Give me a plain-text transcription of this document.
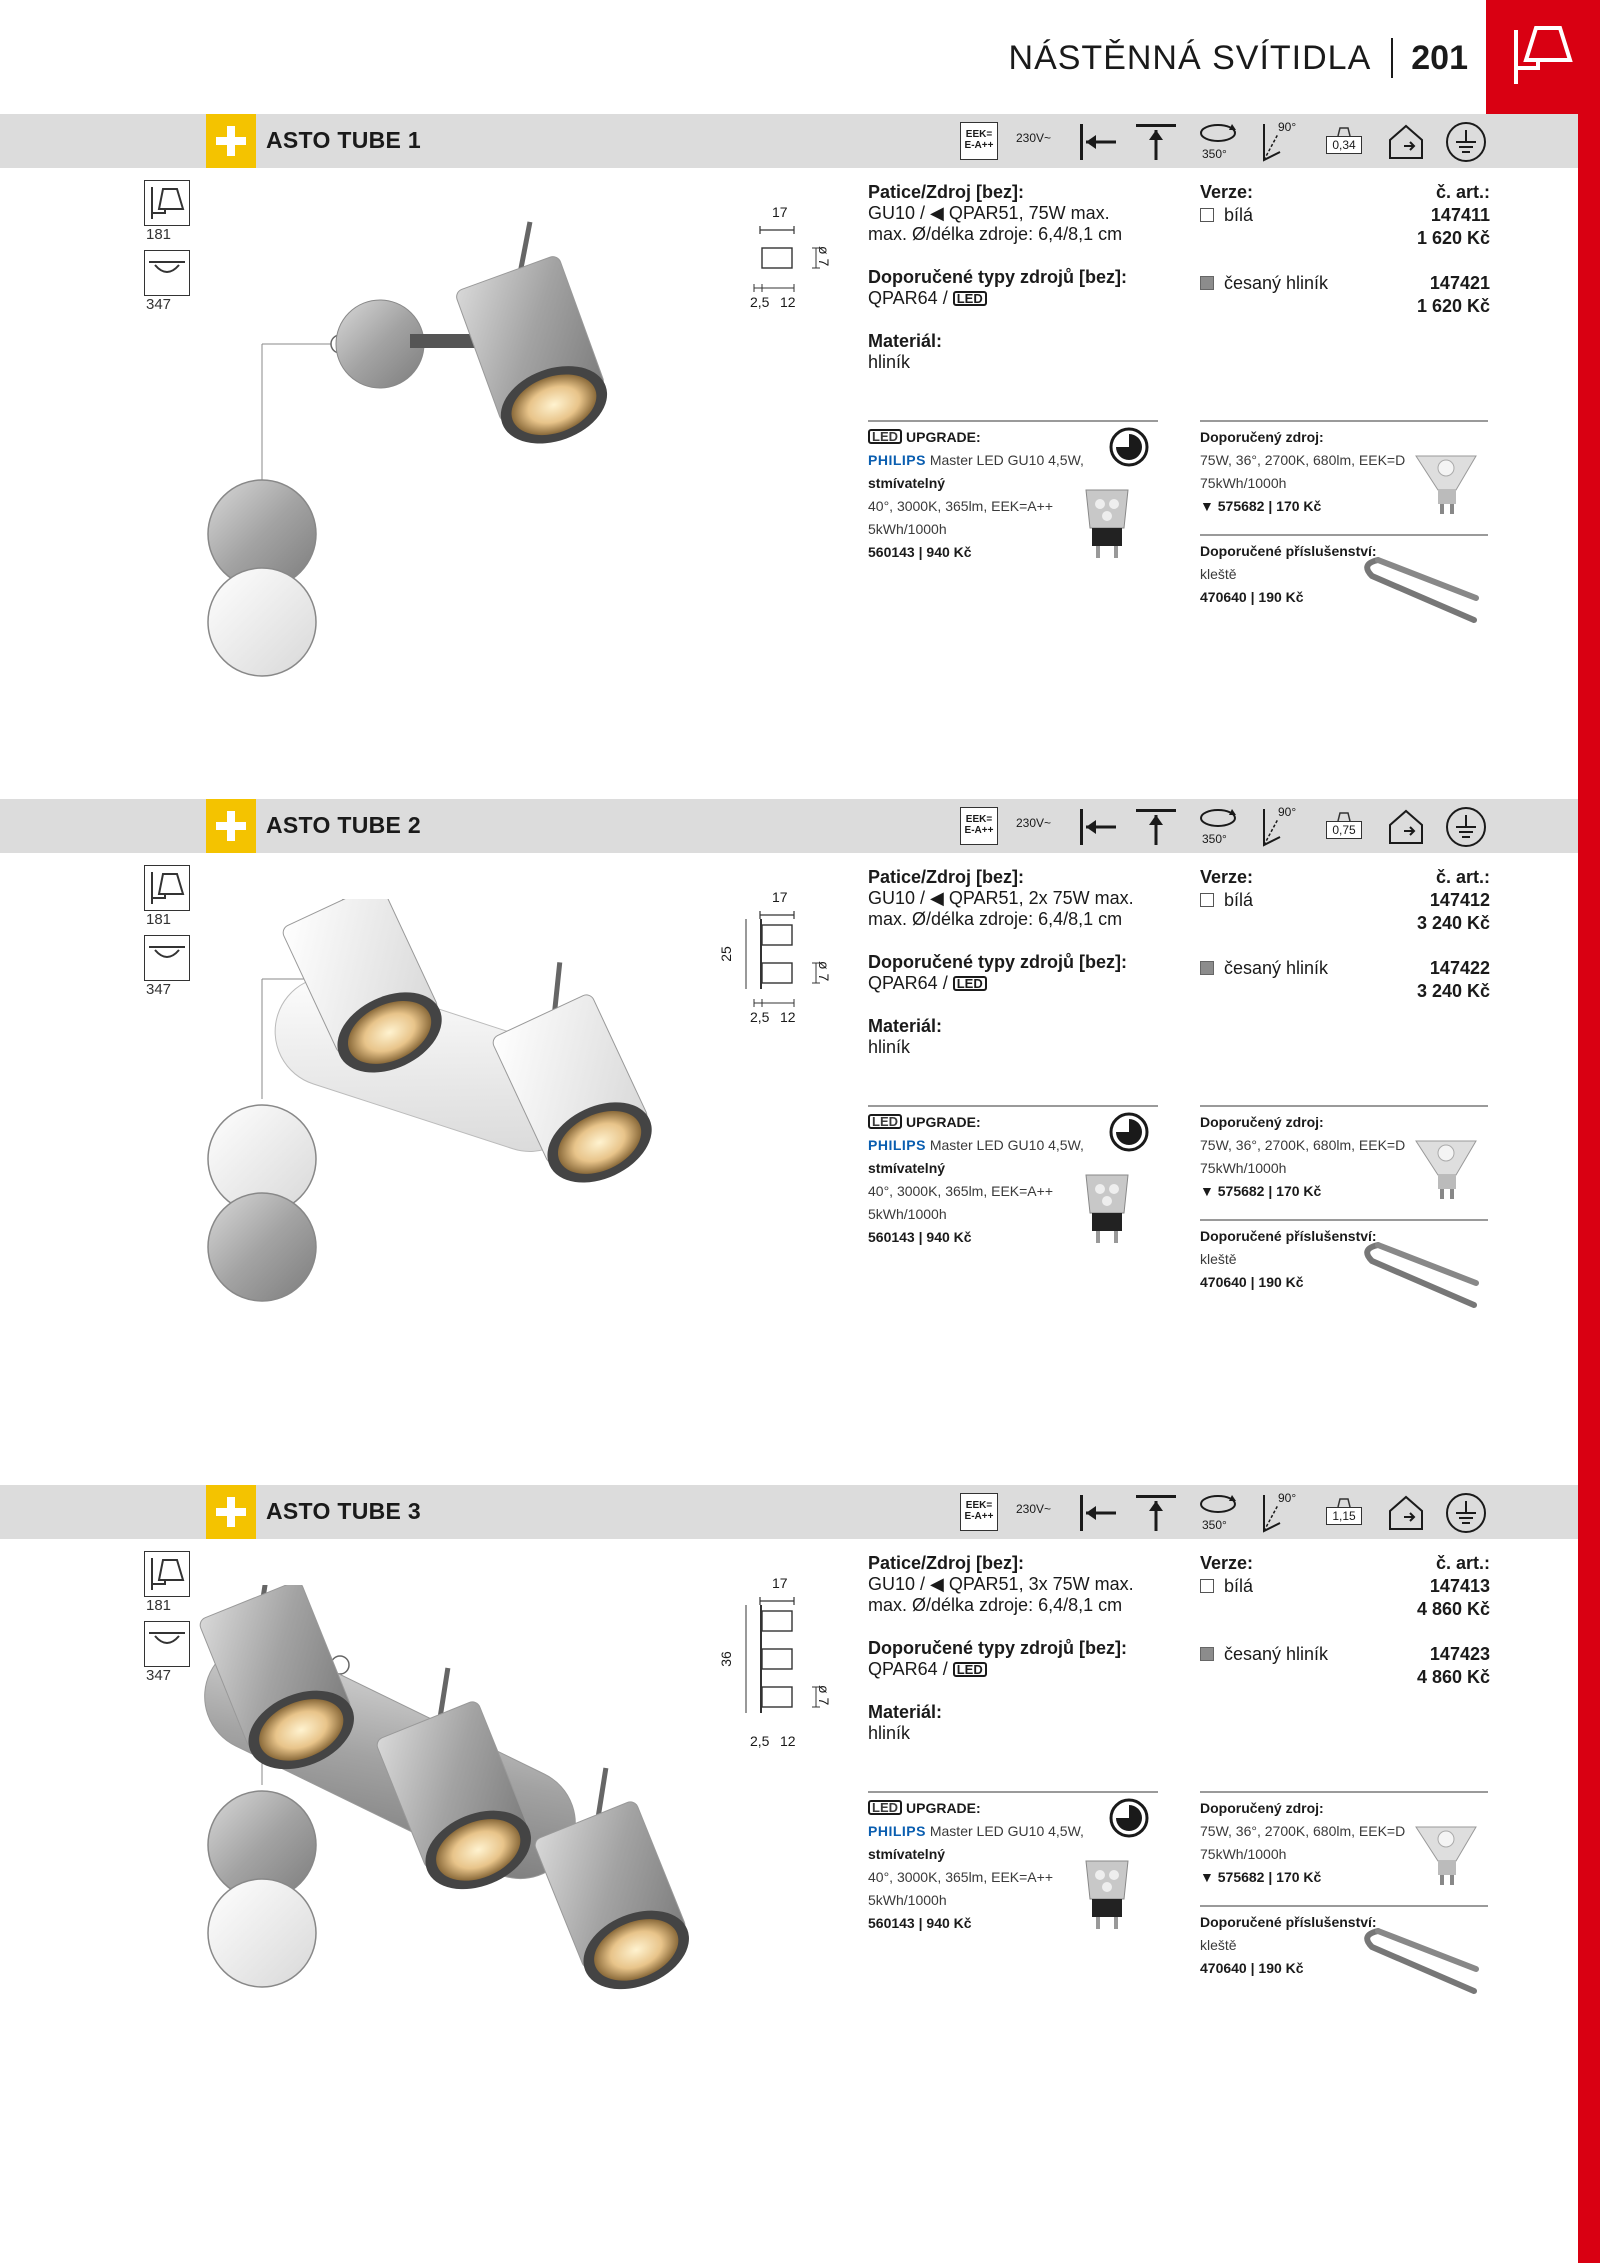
NÁSTĚNNÁ SVÍTIDLA 201
ASTO TUBE 1	EEK= E-A++
230V~
350°
90°
0,34
181
347
17
2,5 12
ø 7
Patice/Zdroj [bez]:
GU10 / ◀ QPAR51, 75W max.
max. Ø/délka zdroje: 6,4/8,1 cm
Doporučené typy zdrojů [bez]:
QPAR64 / LED
Materiál:
hliník
Verze:	č. art.:
bílá	147411
1 620 Kč
česaný hliník	147421
1 620 Kč
LED UPGRADE:
PHILIPS Master LED GU10 4,5W,
stmívatelný
40°, 3000K, 365lm, EEK=A++
5kWh/1000h
560143 | 940 Kč
Doporučený zdroj:
75W, 36°, 2700K, 680lm, EEK=D
75kWh/1000h
▼ 575682 | 170 Kč
Doporučené příslušenství:
kleště
470640 | 190 Kč
ASTO TUBE 2	EEK= E-A++
230V~
350°
90°
0,75
181
347
17
2,5 12
ø 7
25
Patice/Zdroj [bez]:
GU10 / ◀ QPAR51, 2x 75W max.
max. Ø/délka zdroje: 6,4/8,1 cm
Doporučené typy zdrojů [bez]:
QPAR64 / LED
Materiál:
hliník
Verze:	č. art.:
bílá	147412
3 240 Kč
česaný hliník	147422
3 240 Kč
LED UPGRADE:
PHILIPS Master LED GU10 4,5W,
stmívatelný
40°, 3000K, 365lm, EEK=A++
5kWh/1000h
560143 | 940 Kč
Doporučený zdroj:
75W, 36°, 2700K, 680lm, EEK=D
75kWh/1000h
▼ 575682 | 170 Kč
Doporučené příslušenství:
kleště
470640 | 190 Kč
ASTO TUBE 3	EEK= E-A++
230V~
350°
90°
1,15
181
347
17
2,5 12
ø 7
36
Patice/Zdroj [bez]:
GU10 / ◀ QPAR51, 3x 75W max.
max. Ø/délka zdroje: 6,4/8,1 cm
Doporučené typy zdrojů [bez]:
QPAR64 / LED
Materiál:
hliník
Verze:	č. art.:
bílá	147413
4 860 Kč
česaný hliník	147423
4 860 Kč
LED UPGRADE:
PHILIPS Master LED GU10 4,5W,
stmívatelný
40°, 3000K, 365lm, EEK=A++
5kWh/1000h
560143 | 940 Kč
Doporučený zdroj:
75W, 36°, 2700K, 680lm, EEK=D
75kWh/1000h
▼ 575682 | 170 Kč
Doporučené příslušenství:
kleště
470640 | 190 Kč
